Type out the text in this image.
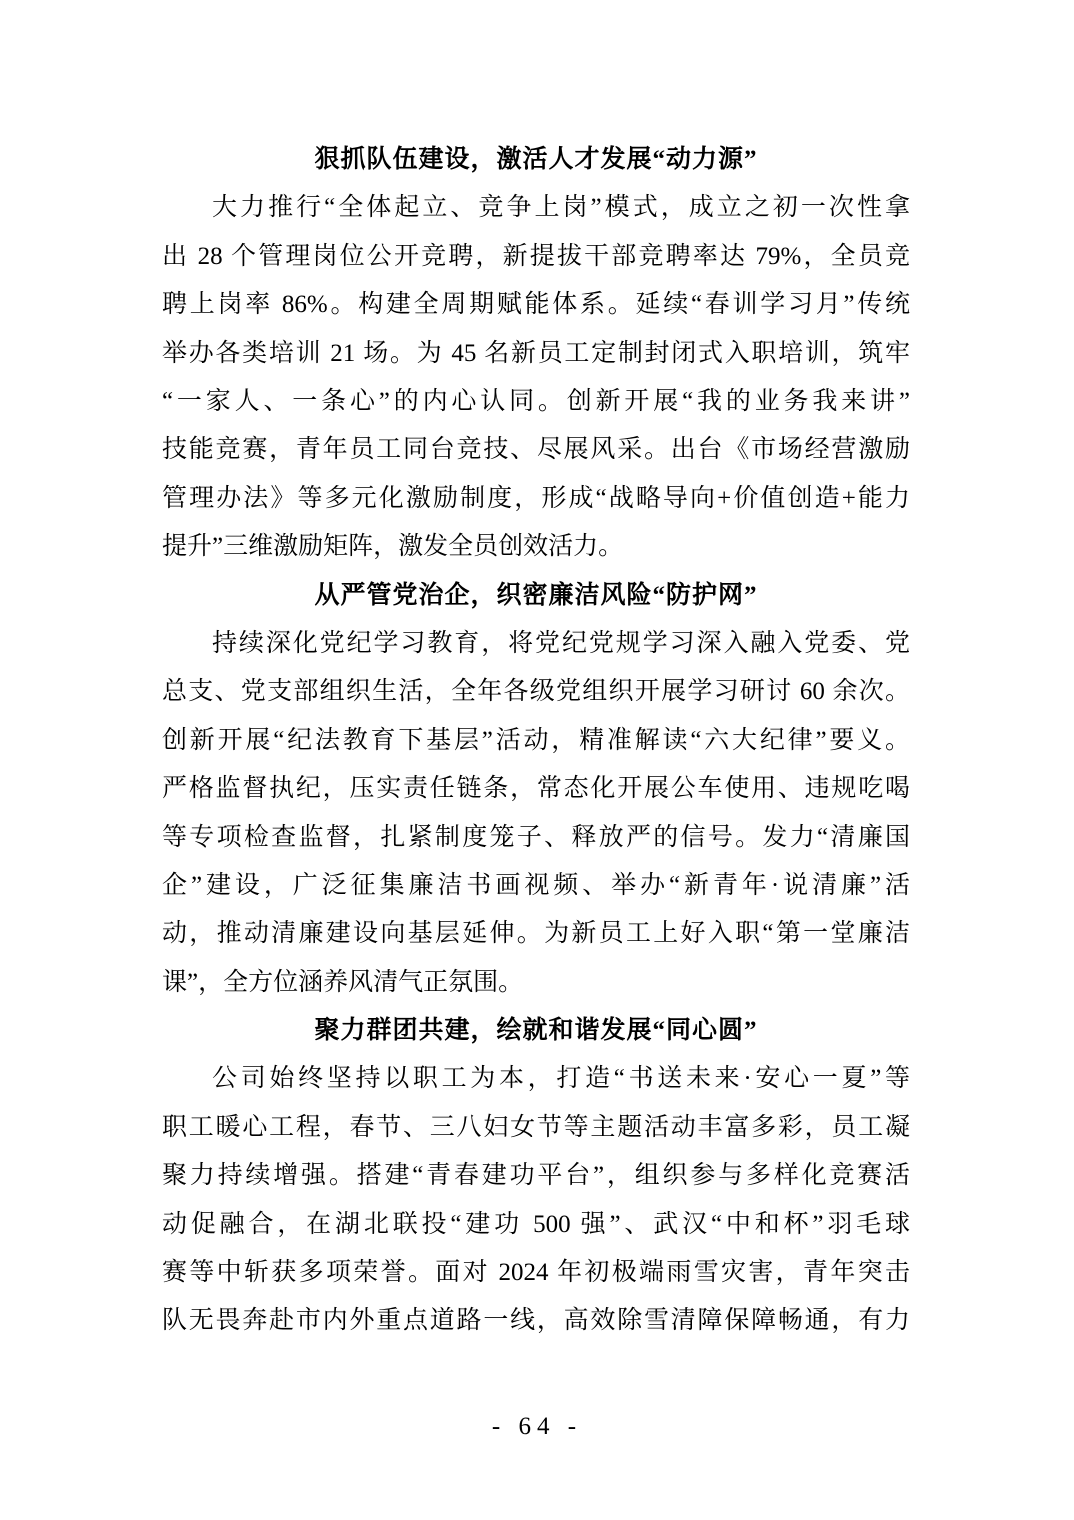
狠抓队伍建设，激活人才发展“动力源”
大力推行“全体起立、竞争上岗”模式，成立之初一次性拿
出 28 个管理岗位公开竞聘，新提拔干部竞聘率达 79%，全员竞
聘上岗率 86%。构建全周期赋能体系。延续“春训学习月”传统
举办各类培训 21 场。为 45 名新员工定制封闭式入职培训，筑牢
“一家人、一条心”的内心认同。创新开展“我的业务我来讲”
技能竞赛，青年员工同台竞技、尽展风采。出台《市场经营激励
管理办法》等多元化激励制度，形成“战略导向+价值创造+能力
提升”三维激励矩阵，激发全员创效活力。
从严管党治企，织密廉洁风险“防护网”
持续深化党纪学习教育，将党纪党规学习深入融入党委、党
总支、党支部组织生活，全年各级党组织开展学习研讨 60 余次。
创新开展“纪法教育下基层”活动，精准解读“六大纪律”要义。
严格监督执纪，压实责任链条，常态化开展公车使用、违规吃喝
等专项检查监督，扎紧制度笼子、释放严的信号。发力“清廉国
企”建设，广泛征集廉洁书画视频、举办“新青年·说清廉”活
动，推动清廉建设向基层延伸。为新员工上好入职“第一堂廉洁
课”，全方位涵养风清气正氛围。
聚力群团共建，绘就和谐发展“同心圆”
公司始终坚持以职工为本，打造“书送未来·安心一夏”等
职工暖心工程，春节、三八妇女节等主题活动丰富多彩，员工凝
聚力持续增强。搭建“青春建功平台”，组织参与多样化竞赛活
动促融合，在湖北联投“建功 500 强”、武汉“中和杯”羽毛球
赛等中斩获多项荣誉。面对 2024 年初极端雨雪灾害，青年突击
队无畏奔赴市内外重点道路一线，高效除雪清障保障畅通，有力
- 64 -
